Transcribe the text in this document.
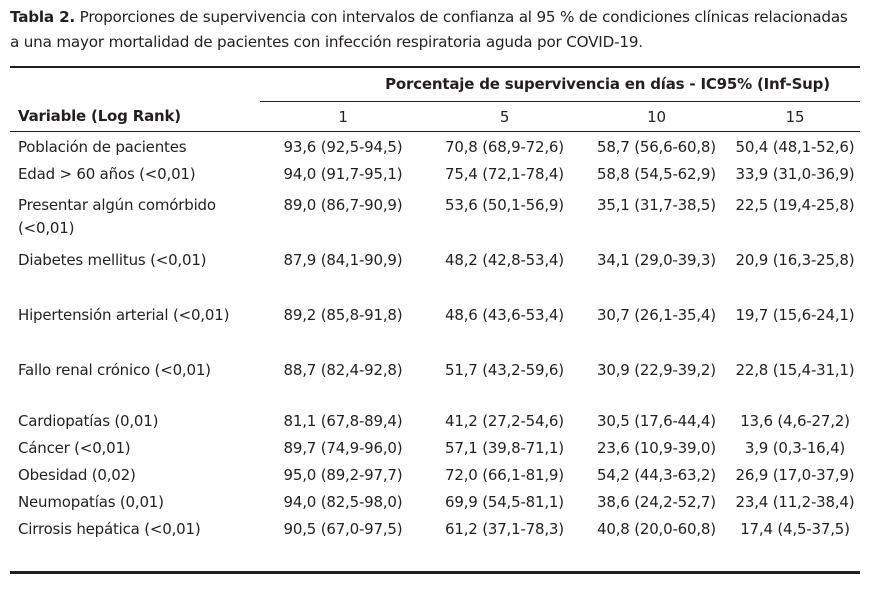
Tabla 2. Proporciones de supervivencia con intervalos de confianza al 95 % de condiciones clínicas relacionadas a una mayor mortalidad de pacientes con infección respiratoria aguda por COVID-19.
	Porcentaje de supervivencia en días - IC95% (Inf-Sup)			
Variable (Log Rank)	1	5	10	15
Población de pacientes	93,6 (92,5-94,5)	70,8 (68,9-72,6)	58,7 (56,6-60,8)	50,4 (48,1-52,6)
Edad > 60 años (<0,01)	94,0 (91,7-95,1)	75,4 (72,1-78,4)	58,8 (54,5-62,9)	33,9 (31,0-36,9)
Presentar algún comórbido (<0,01)	89,0 (86,7-90,9)	53,6 (50,1-56,9)	35,1 (31,7-38,5)	22,5 (19,4-25,8)
Diabetes mellitus (<0,01)	87,9 (84,1-90,9)	48,2 (42,8-53,4)	34,1 (29,0-39,3)	20,9 (16,3-25,8)
Hipertensión arterial (<0,01)	89,2 (85,8-91,8)	48,6 (43,6-53,4)	30,7 (26,1-35,4)	19,7 (15,6-24,1)
Fallo renal crónico (<0,01)	88,7 (82,4-92,8)	51,7 (43,2-59,6)	30,9 (22,9-39,2)	22,8 (15,4-31,1)
Cardiopatías (0,01)	81,1 (67,8-89,4)	41,2 (27,2-54,6)	30,5 (17,6-44,4)	13,6 (4,6-27,2)
Cáncer (<0,01)	89,7 (74,9-96,0)	57,1 (39,8-71,1)	23,6 (10,9-39,0)	3,9 (0,3-16,4)
Obesidad (0,02)	95,0 (89,2-97,7)	72,0 (66,1-81,9)	54,2 (44,3-63,2)	26,9 (17,0-37,9)
Neumopatías (0,01)	94,0 (82,5-98,0)	69,9 (54,5-81,1)	38,6 (24,2-52,7)	23,4 (11,2-38,4)
Cirrosis hepática (<0,01)	90,5 (67,0-97,5)	61,2 (37,1-78,3)	40,8 (20,0-60,8)	17,4 (4,5-37,5)
